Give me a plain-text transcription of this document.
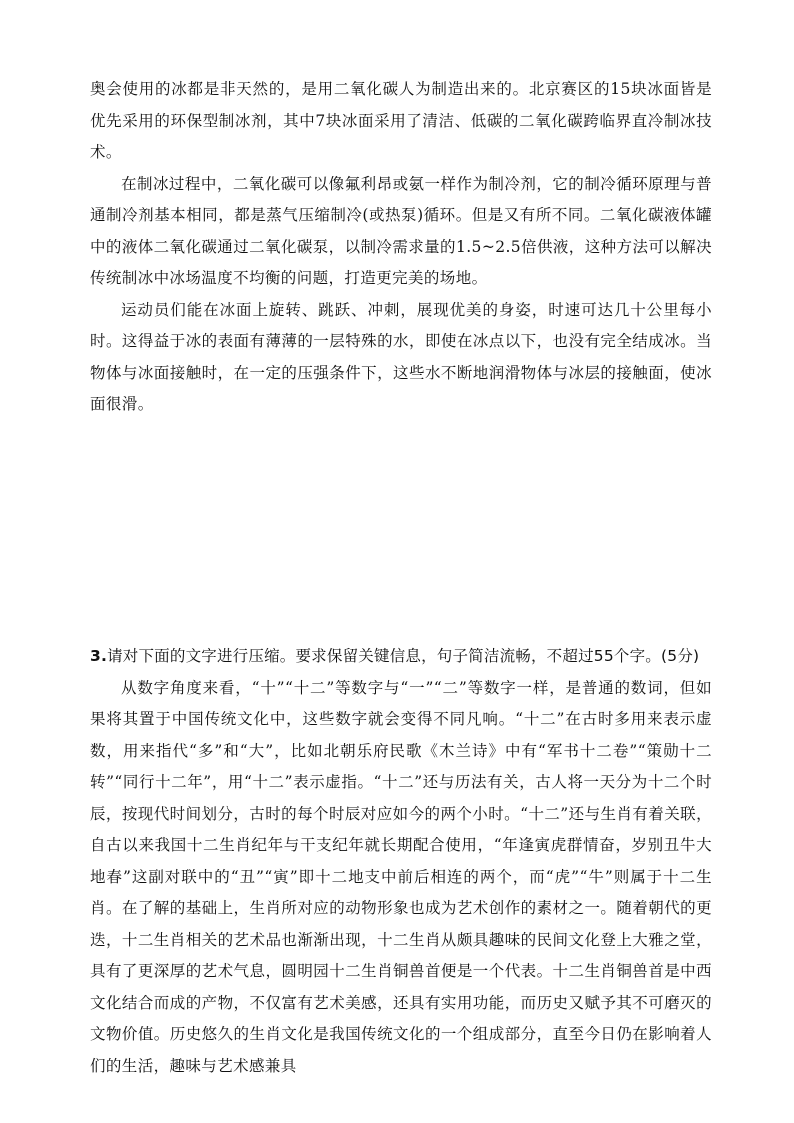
奥会使用的冰都是非天然的，是用二氧化碳人为制造出来的。北京赛区的15块冰面皆是优先采用的环保型制冰剂，其中7块冰面采用了清洁、低碳的二氧化碳跨临界直冷制冰技术。

在制冰过程中，二氧化碳可以像氟利昂或氨一样作为制冷剂，它的制冷循环原理与普通制冷剂基本相同，都是蒸气压缩制冷(或热泵)循环。但是又有所不同。二氧化碳液体罐中的液体二氧化碳通过二氧化碳泵，以制冷需求量的1.5~2.5倍供液，这种方法可以解决传统制冰中冰场温度不均衡的问题，打造更完美的场地。

运动员们能在冰面上旋转、跳跃、冲刺，展现优美的身姿，时速可达几十公里每小时。这得益于冰的表面有薄薄的一层特殊的水，即使在冰点以下，也没有完全结成冰。当物体与冰面接触时，在一定的压强条件下，这些水不断地润滑物体与冰层的接触面，使冰面很滑。

3.请对下面的文字进行压缩。要求保留关键信息，句子简洁流畅，不超过55个字。(5分)

从数字角度来看，“十”“十二”等数字与“一”“二”等数字一样，是普通的数词，但如果将其置于中国传统文化中，这些数字就会变得不同凡响。“十二”在古时多用来表示虚数，用来指代“多”和“大”，比如北朝乐府民歌《木兰诗》中有“军书十二卷”“策勋十二转”“同行十二年”，用“十二”表示虚指。“十二”还与历法有关，古人将一天分为十二个时辰，按现代时间划分，古时的每个时辰对应如今的两个小时。“十二”还与生肖有着关联，自古以来我国十二生肖纪年与干支纪年就长期配合使用，“年逢寅虎群情奋，岁别丑牛大地春”这副对联中的“丑”“寅”即十二地支中前后相连的两个，而“虎”“牛”则属于十二生肖。在了解的基础上，生肖所对应的动物形象也成为艺术创作的素材之一。随着朝代的更迭，十二生肖相关的艺术品也渐渐出现，十二生肖从颇具趣味的民间文化登上大雅之堂，具有了更深厚的艺术气息，圆明园十二生肖铜兽首便是一个代表。十二生肖铜兽首是中西文化结合而成的产物，不仅富有艺术美感，还具有实用功能，而历史又赋予其不可磨灭的文物价值。历史悠久的生肖文化是我国传统文化的一个组成部分，直至今日仍在影响着人们的生活，趣味与艺术感兼具
